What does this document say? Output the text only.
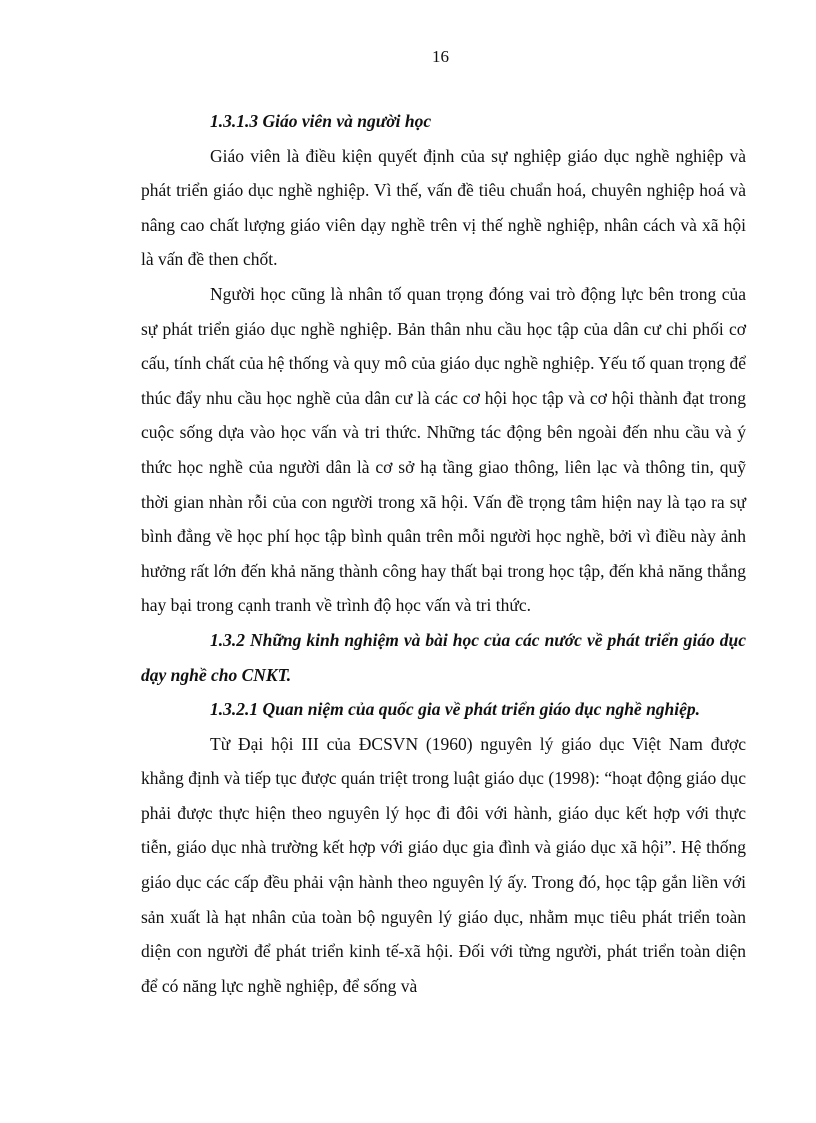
16

1.3.1.3 Giáo viên và người học

Giáo viên là điều kiện quyết định của sự nghiệp giáo dục nghề nghiệp và phát triển giáo dục nghề nghiệp. Vì thế, vấn đề tiêu chuẩn hoá, chuyên nghiệp hoá và nâng cao chất lượng giáo viên dạy nghề trên vị thế nghề nghiệp, nhân cách và xã hội là vấn đề then chốt.

Người học cũng là nhân tố quan trọng đóng vai trò động lực bên trong của sự phát triển giáo dục nghề nghiệp. Bản thân nhu cầu học tập của dân cư chi phối cơ cấu, tính chất của hệ thống và quy mô của giáo dục nghề nghiệp. Yếu tố quan trọng để thúc đẩy nhu cầu học nghề của dân cư là các cơ hội học tập và cơ hội thành đạt trong cuộc sống dựa vào học vấn và tri thức. Những tác động bên ngoài đến nhu cầu và ý thức học nghề của người dân là cơ sở hạ tầng giao thông, liên lạc và thông tin, quỹ thời gian nhàn rỗi của con người trong xã hội. Vấn đề trọng tâm hiện nay là tạo ra sự bình đẳng về học phí học tập bình quân trên mỗi người học nghề, bởi vì điều này ảnh hưởng rất lớn đến khả năng thành công hay thất bại trong học tập, đến khả năng thắng hay bại trong cạnh tranh về trình độ học vấn và tri thức.

1.3.2 Những kinh nghiệm và bài học của các nước về phát triển giáo dục dạy nghề cho CNKT.

1.3.2.1 Quan niệm của quốc gia về phát triển giáo dục nghề nghiệp.

Từ Đại hội III của ĐCSVN (1960) nguyên lý giáo dục Việt Nam được khẳng định và tiếp tục được quán triệt trong luật giáo dục (1998): “hoạt động giáo dục phải được thực hiện theo nguyên lý học đi đôi với hành, giáo dục kết hợp với thực tiễn, giáo dục nhà trường kết hợp với giáo dục gia đình và giáo dục xã hội”. Hệ thống giáo dục các cấp đều phải vận hành theo nguyên lý ấy. Trong đó, học tập gắn liền với sản xuất là hạt nhân của toàn bộ nguyên lý giáo dục, nhằm mục tiêu phát triển toàn diện con người để phát triển kinh tế-xã hội. Đối với từng người, phát triển toàn diện để có năng lực nghề nghiệp, để sống và
